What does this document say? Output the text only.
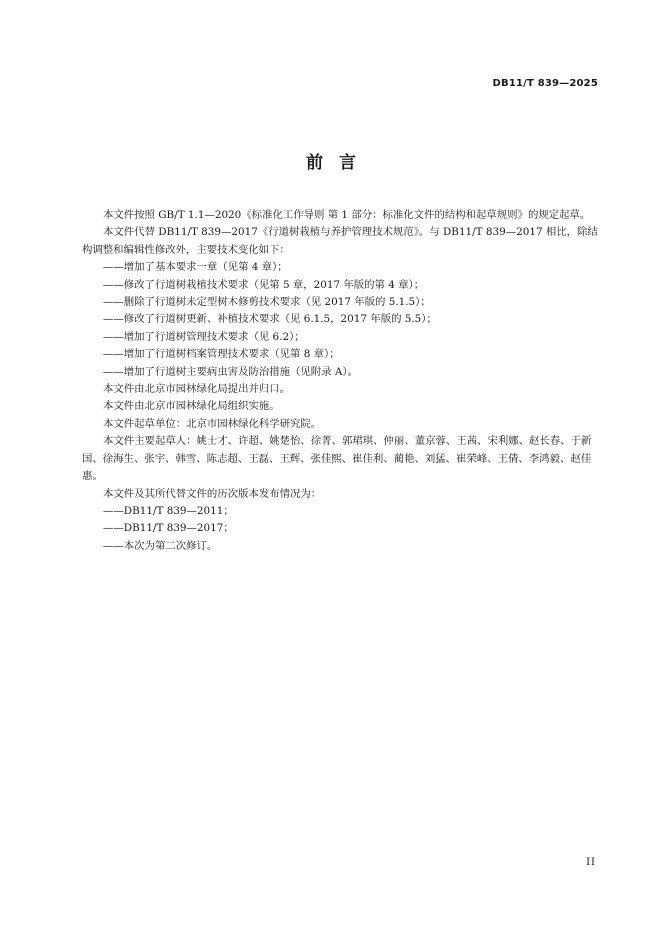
DB11/T 839—2025
前言

本文件按照 GB/T 1.1—2020《标准化工作导则 第 1 部分：标准化文件的结构和起草规则》的规定起草。

本文件代替 DB11/T 839—2017《行道树栽植与养护管理技术规范》。与 DB11/T 839—2017 相比，除结构调整和编辑性修改外，主要技术变化如下：

——增加了基本要求一章（见第 4 章）；

——修改了行道树栽植技术要求（见第 5 章，2017 年版的第 4 章）；

——删除了行道树未定型树木修剪技术要求（见 2017 年版的 5.1.5）；

——修改了行道树更新、补植技术要求（见 6.1.5，2017 年版的 5.5）；

——增加了行道树管理技术要求（见 6.2）；

——增加了行道树档案管理技术要求（见第 8 章）；

——增加了行道树主要病虫害及防治措施（见附录 A）。

本文件由北京市园林绿化局提出并归口。

本文件由北京市园林绿化局组织实施。

本文件起草单位：北京市园林绿化科学研究院。

本文件主要起草人：姚士才、许超、姚楚怡、徐菁、郭珺琪、仲丽、董京蓉、王茜、宋利娜、赵长春、于新国、徐海生、张宇、韩雪、陈志超、王磊、王辉、张佳熙、崔佳利、蔺艳、刘猛、崔荣峰、王倩、李鸿毅、赵佳惠。

本文件及其所代替文件的历次版本发布情况为：

——DB11/T 839—2011；

——DB11/T 839—2017；

——本次为第二次修订。

II
